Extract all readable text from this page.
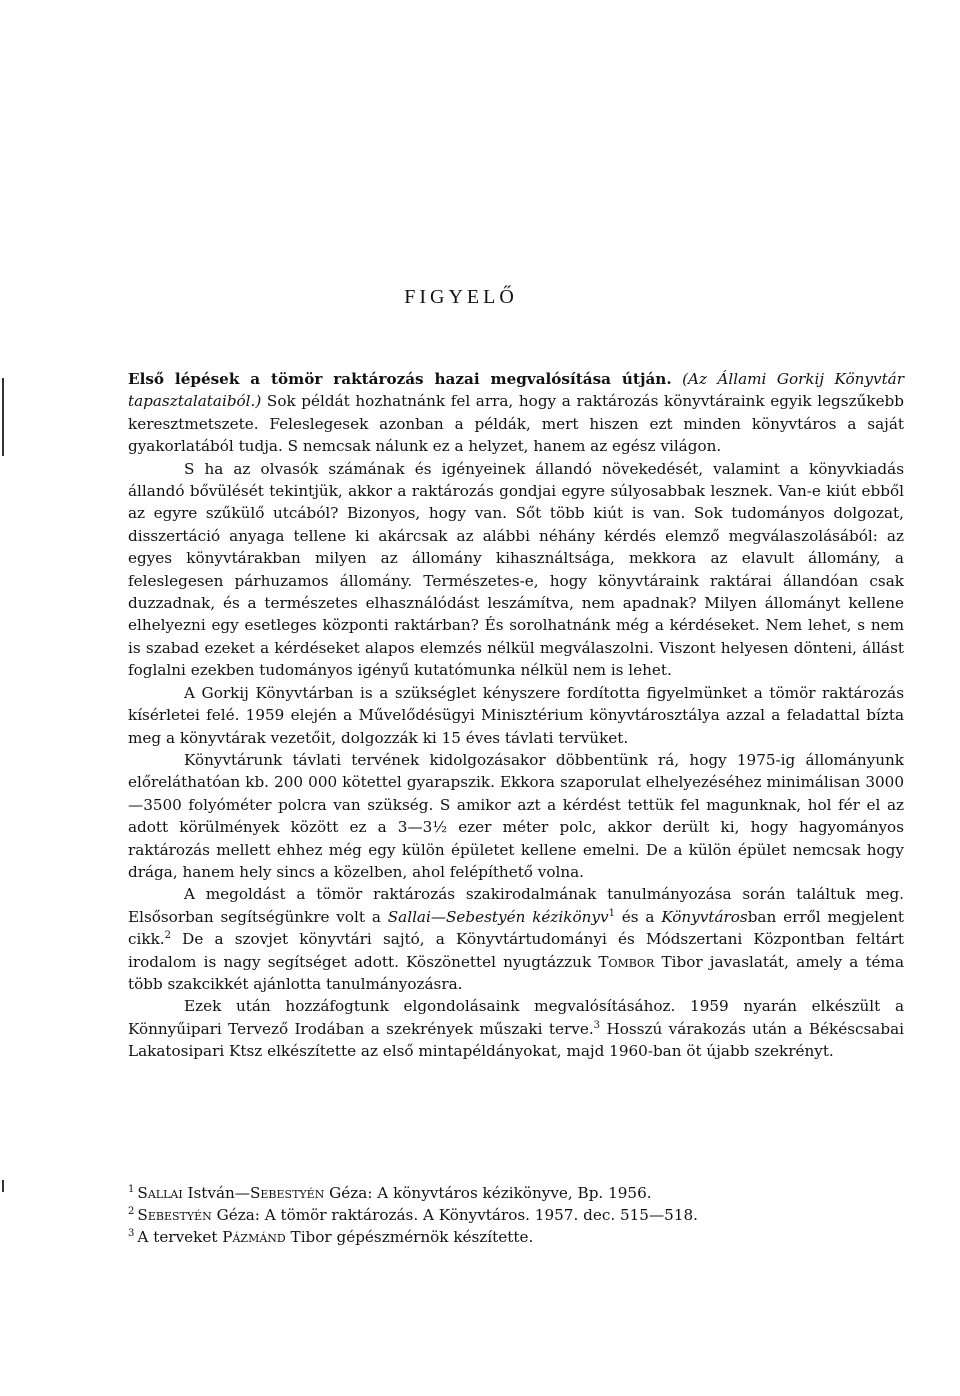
FIGYELŐ

Első lépések a tömör raktározás hazai megvalósítása útján. (Az Állami Gorkij Könyvtár tapasztalataiból.) Sok példát hozhatnánk fel arra, hogy a raktározás könyvtáraink egyik legszűkebb keresztmetszete. Feleslegesek azonban a példák, mert hiszen ezt minden könyvtáros a saját gyakorlatából tudja. S nemcsak nálunk ez a helyzet, hanem az egész világon.

S ha az olvasók számának és igényeinek állandó növekedését, valamint a könyvkiadás állandó bővülését tekintjük, akkor a raktározás gondjai egyre súlyosabbak lesznek. Van-e kiút ebből az egyre szűkülő utcából? Bizonyos, hogy van. Sőt több kiút is van. Sok tudományos dolgozat, disszertáció anyaga tellene ki akárcsak az alábbi néhány kérdés elemző megválaszolásából: az egyes könyvtárakban milyen az állomány kihasználtsága, mekkora az elavult állomány, a feleslegesen párhuzamos állomány. Természetes-e, hogy könyvtáraink raktárai állandóan csak duzzadnak, és a természetes elhasználódást leszámítva, nem apadnak? Milyen állományt kellene elhelyezni egy esetleges központi raktárban? És sorolhatnánk még a kérdéseket. Nem lehet, s nem is szabad ezeket a kérdéseket alapos elemzés nélkül megválaszolni. Viszont helyesen dönteni, állást foglalni ezekben tudományos igényű kutatómunka nélkül nem is lehet.

A Gorkij Könyvtárban is a szükséglet kényszere fordította figyelmünket a tömör raktározás kísérletei felé. 1959 elején a Művelődésügyi Minisztérium könyvtárosztálya azzal a feladattal bízta meg a könyvtárak vezetőit, dolgozzák ki 15 éves távlati tervüket.

Könyvtárunk távlati tervének kidolgozásakor döbbentünk rá, hogy 1975-ig állományunk előreláthatóan kb. 200 000 kötettel gyarapszik. Ekkora szaporulat elhelyezéséhez minimálisan 3000—3500 folyóméter polcra van szükség. S amikor azt a kérdést tettük fel magunknak, hol fér el az adott körülmények között ez a 3—3½ ezer méter polc, akkor derült ki, hogy hagyományos raktározás mellett ehhez még egy külön épületet kellene emelni. De a külön épület nemcsak hogy drága, hanem hely sincs a közelben, ahol felépíthető volna.

A megoldást a tömör raktározás szakirodalmának tanulmányozása során találtuk meg. Elsősorban segítségünkre volt a Sallai—Sebestyén kézikönyv$^1$ és a Könyvtárosban erről megjelent cikk.$^2$ De a szovjet könyvtári sajtó, a Könyvtártudományi és Módszertani Központban feltárt irodalom is nagy segítséget adott. Köszönettel nyugtázzuk Tombor Tibor javaslatát, amely a téma több szakcikkét ajánlotta tanulmányozásra.

Ezek után hozzáfogtunk elgondolásaink megvalósításához. 1959 nyarán elkészült a Könnyűipari Tervező Irodában a szekrények műszaki terve.$^3$ Hosszú várakozás után a Békéscsabai Lakatosipari Ktsz elkészítette az első mintapéldányokat, majd 1960-ban öt újabb szekrényt.

$^1$  Sallai István—Sebestyén Géza: A könyvtáros kézikönyve, Bp. 1956.

$^2$  Sebestyén Géza: A tömör raktározás. A Könyvtáros. 1957. dec. 515—518.

$^3$  A terveket Pázmánd Tibor gépészmérnök készítette.
